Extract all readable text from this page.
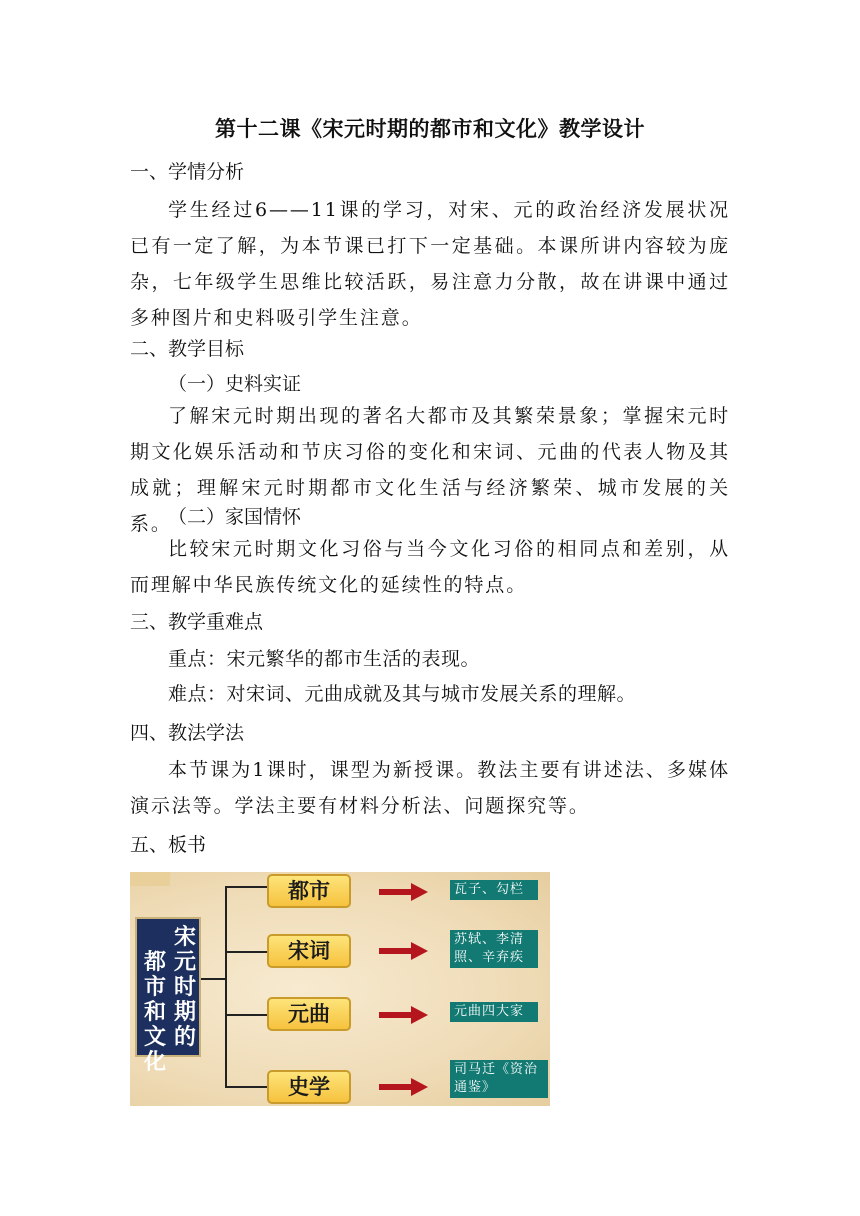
第十二课《宋元时期的都市和文化》教学设计
一、学情分析

学生经过6——11课的学习，对宋、元的政治经济发展状况已有一定了解，为本节课已打下一定基础。本课所讲内容较为庞杂，七年级学生思维比较活跃，易注意力分散，故在讲课中通过多种图片和史料吸引学生注意。

二、教学目标
（一）史料实证

了解宋元时期出现的著名大都市及其繁荣景象；掌握宋元时期文化娱乐活动和节庆习俗的变化和宋词、元曲的代表人物及其成就；理解宋元时期都市文化生活与经济繁荣、城市发展的关系。

（二）家国情怀

比较宋元时期文化习俗与当今文化习俗的相同点和差别，从而理解中华民族传统文化的延续性的特点。

三、教学重难点
重点：宋元繁华的都市生活的表现。
难点：对宋词、元曲成就及其与城市发展关系的理解。
四、教法学法

本节课为1课时，课型为新授课。教法主要有讲述法、多媒体演示法等。学法主要有材料分析法、问题探究等。

五、板书
宋
元
时
期
的
都
市
和
文
化
都市
宋词
元曲
史学
瓦子、勾栏
苏轼、李清照、辛弃疾
元曲四大家
司马迁《资治通鉴》
